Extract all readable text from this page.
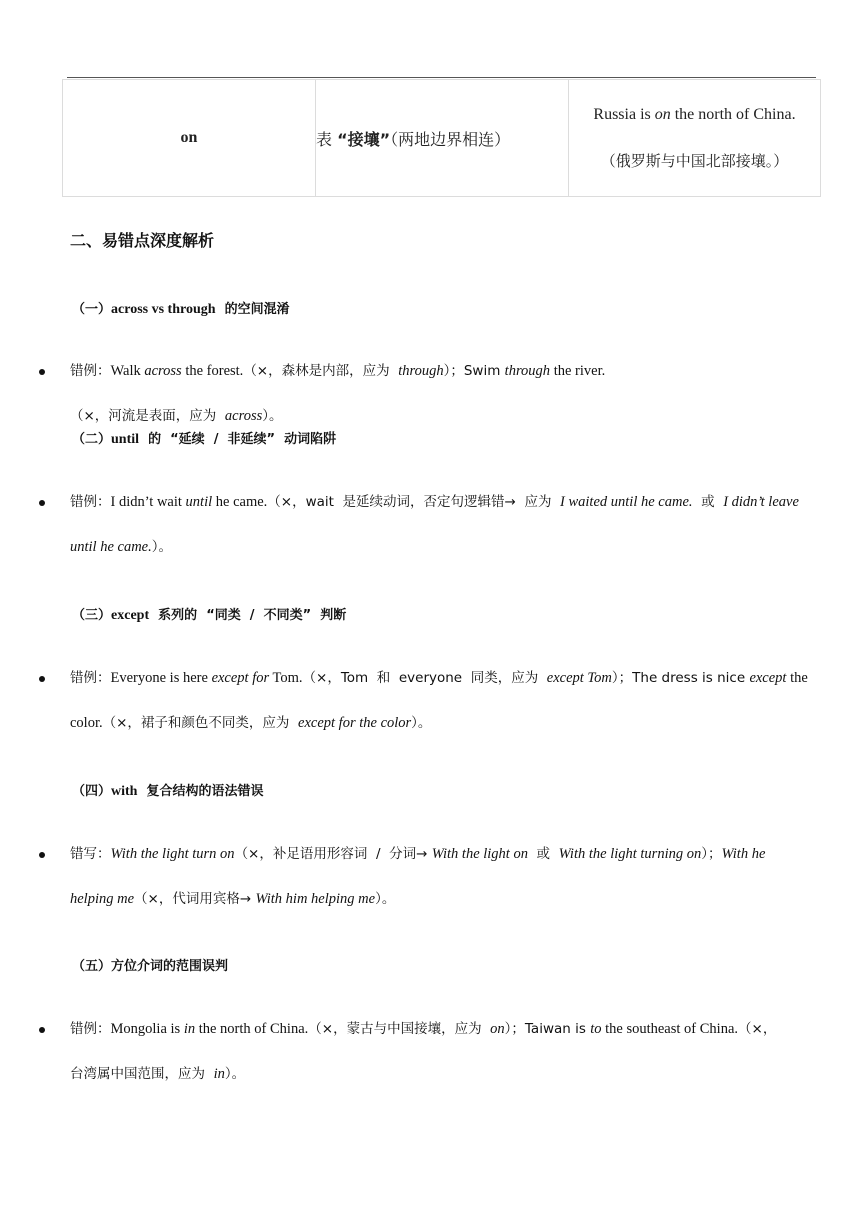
on	表 “接壤”（两地边界相连）	
Russia is on the north of China.
（俄罗斯与中国北部接壤。）
二、易错点深度解析
（一）across vs through  的空间混淆
错例：Walk across the forest.（×，森林是内部，应为  through）；Swim through the river.（×，河流是表面，应为  across）。
（二）until  的  “延续  /  非延续”  动词陷阱
错例：I didn’t wait until he came.（×，wait  是延续动词，否定句逻辑错→  应为  I waited until he came.  或  I didn’t leave
until he came.）。
（三）except  系列的  “同类  /  不同类”  判断
错例：Everyone is here except for Tom.（×，Tom  和  everyone  同类，应为  except Tom）；The dress is nice except the
color.（×，裙子和颜色不同类，应为  except for the color）。
（四）with  复合结构的语法错误
错写：With the light turn on（×，补足语用形容词  /  分词→ With the light on  或  With the light turning on）；With he
helping me（×，代词用宾格→ With him helping me）。
（五）方位介词的范围误判
错例：Mongolia is in the north of China.（×，蒙古与中国接壤，应为  on）；Taiwan is to the southeast of China.（×，
台湾属中国范围，应为  in）。
